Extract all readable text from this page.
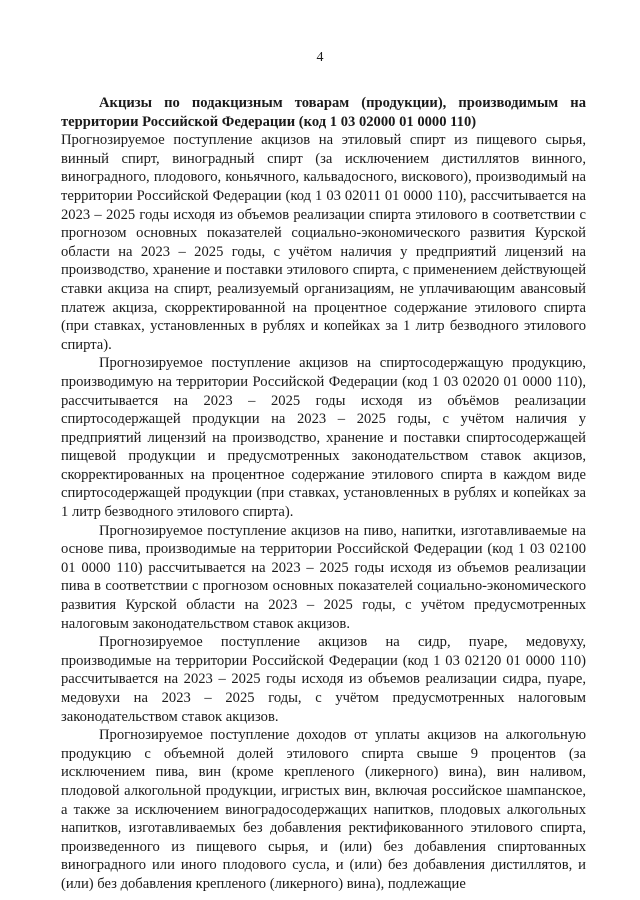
4

Акцизы по подакцизным товарам (продукции), производимым на территории Российской Федерации (код 1 03 02000 01 0000 110)

Прогнозируемое поступление акцизов на этиловый спирт из пищевого сырья, винный спирт, виноградный спирт (за исключением дистиллятов винного, виноградного, плодового, коньячного, кальвадосного, вискового), производимый на территории Российской Федерации (код 1 03 02011 01 0000 110), рассчитывается на 2023 – 2025 годы исходя из объемов реализации спирта этилового в соответствии с прогнозом основных показателей социально-экономического развития Курской области на 2023 – 2025 годы, с учётом наличия у предприятий лицензий на производство, хранение и поставки этилового спирта, с применением действующей ставки акциза на спирт, реализуемый организациям, не уплачивающим авансовый платеж акциза, скорректированной на процентное содержание этилового спирта (при ставках, установленных в рублях и копейках за 1 литр безводного этилового спирта).

Прогнозируемое поступление акцизов на спиртосодержащую продукцию, производимую на территории Российской Федерации (код 1 03 02020 01 0000 110), рассчитывается на 2023 – 2025 годы исходя из объёмов реализации спиртосодержащей продукции на 2023 – 2025 годы, с учётом наличия у предприятий лицензий на производство, хранение и поставки спиртосодержащей пищевой продукции и предусмотренных законодательством ставок акцизов, скорректированных на процентное содержание этилового спирта в каждом виде спиртосодержащей продукции (при ставках, установленных в рублях и копейках за 1 литр безводного этилового спирта).

Прогнозируемое поступление акцизов на пиво, напитки, изготавливаемые на основе пива, производимые на территории Российской Федерации (код 1 03 02100 01 0000 110) рассчитывается на 2023 – 2025 годы исходя из объемов реализации пива в соответствии с прогнозом основных показателей социально-экономического развития Курской области на 2023 – 2025 годы, с учётом предусмотренных налоговым законодательством ставок акцизов.

Прогнозируемое поступление акцизов на сидр, пуаре, медовуху, производимые на территории Российской Федерации (код 1 03 02120 01 0000 110) рассчитывается на 2023 – 2025 годы исходя из объемов реализации сидра, пуаре, медовухи на 2023 – 2025 годы, с учётом предусмотренных налоговым законодательством ставок акцизов.

Прогнозируемое поступление доходов от уплаты акцизов на алкогольную продукцию с объемной долей этилового спирта свыше 9 процентов (за исключением пива, вин (кроме крепленого (ликерного) вина), вин наливом, плодовой алкогольной продукции, игристых вин, включая российское шампанское, а также за исключением виноградосодержащих напитков, плодовых алкогольных напитков, изготавливаемых без добавления ректификованного этилового спирта, произведенного из пищевого сырья, и (или) без добавления спиртованных виноградного или иного плодового сусла, и (или) без добавления дистиллятов, и (или) без добавления крепленого (ликерного) вина), подлежащие
